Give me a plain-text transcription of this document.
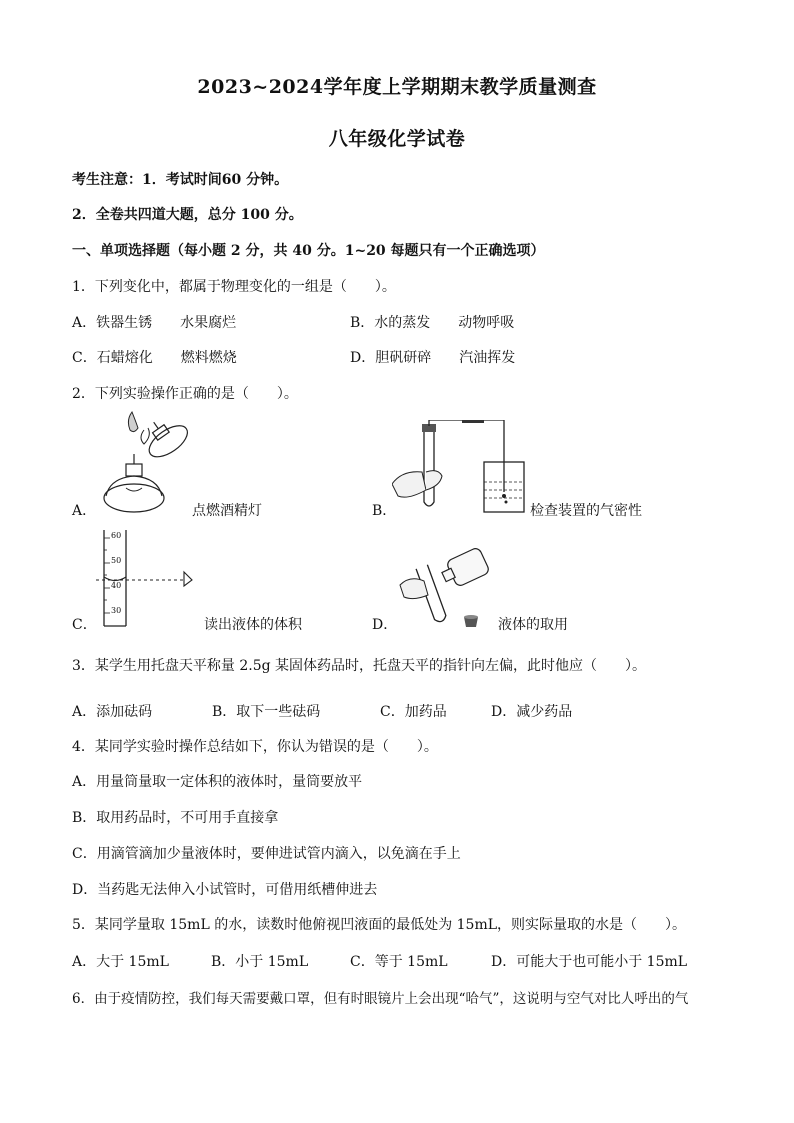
2023~2024学年度上学期期末教学质量测查
八年级化学试卷
考生注意：1．考试时间60 分钟。
2．全卷共四道大题，总分 100 分。
一、单项选择题（每小题 2 分，共 40 分。1~20 每题只有一个正确选项）
1．下列变化中，都属于物理变化的一组是（　　）。
A．铁器生锈　　水果腐烂	B．水的蒸发　　动物呼吸
C．石蜡熔化　　燃料燃烧	D．胆矾研碎　　汽油挥发
2．下列实验操作正确的是（　　）。
A．	点燃酒精灯	B．	检查装置的气密性
60
50
40
30
C．	读出液体的体积	D．	液体的取用
3．某学生用托盘天平称量 2.5g 某固体药品时，托盘天平的指针向左偏，此时他应（　　）。
A．添加砝码	B．取下一些砝码	C．加药品	D．减少药品
4．某同学实验时操作总结如下，你认为错误的是（　　）。
A．用量筒量取一定体积的液体时，量筒要放平
B．取用药品时，不可用手直接拿
C．用滴管滴加少量液体时，要伸进试管内滴入，以免滴在手上
D．当药匙无法伸入小试管时，可借用纸槽伸进去
5．某同学量取 15mL 的水，读数时他俯视凹液面的最低处为 15mL，则实际量取的水是（　　）。
A．大于 15mL	B．小于 15mL	C．等于 15mL	D．可能大于也可能小于 15mL
6．由于疫情防控，我们每天需要戴口罩，但有时眼镜片上会出现“哈气”，这说明与空气对比人呼出的气
